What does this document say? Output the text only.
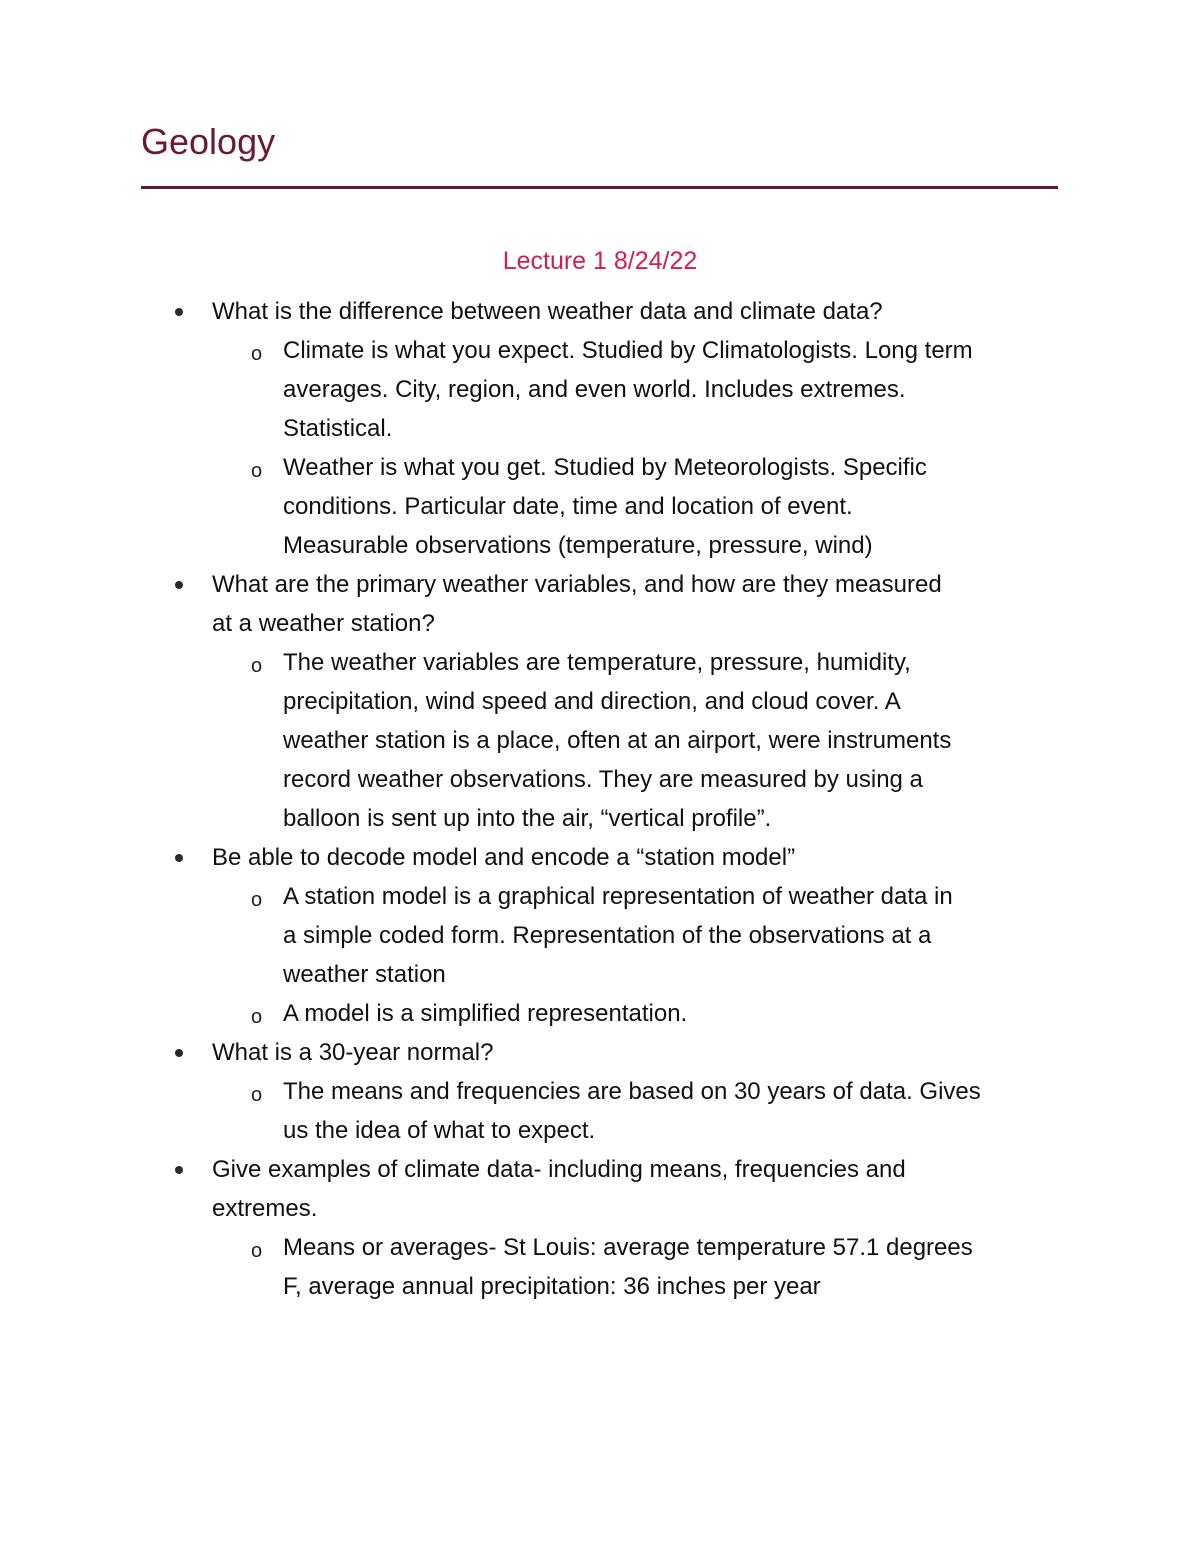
Geology
Lecture 1 8/24/22
What is the difference between weather data and climate data?
o Climate is what you expect. Studied by Climatologists. Long term
averages. City, region, and even world. Includes extremes.
Statistical.
o Weather is what you get. Studied by Meteorologists. Specific
conditions. Particular date, time and location of event.
Measurable observations (temperature, pressure, wind)
What are the primary weather variables, and how are they measured
at a weather station?
o The weather variables are temperature, pressure, humidity,
precipitation, wind speed and direction, and cloud cover. A
weather station is a place, often at an airport, were instruments
record weather observations. They are measured by using a
balloon is sent up into the air, “vertical profile”.
Be able to decode model and encode a “station model”
o A station model is a graphical representation of weather data in
a simple coded form. Representation of the observations at a
weather station
o A model is a simplified representation.
What is a 30-year normal?
o The means and frequencies are based on 30 years of data. Gives
us the idea of what to expect.
Give examples of climate data- including means, frequencies and
extremes.
o Means or averages- St Louis: average temperature 57.1 degrees
F, average annual precipitation: 36 inches per year
